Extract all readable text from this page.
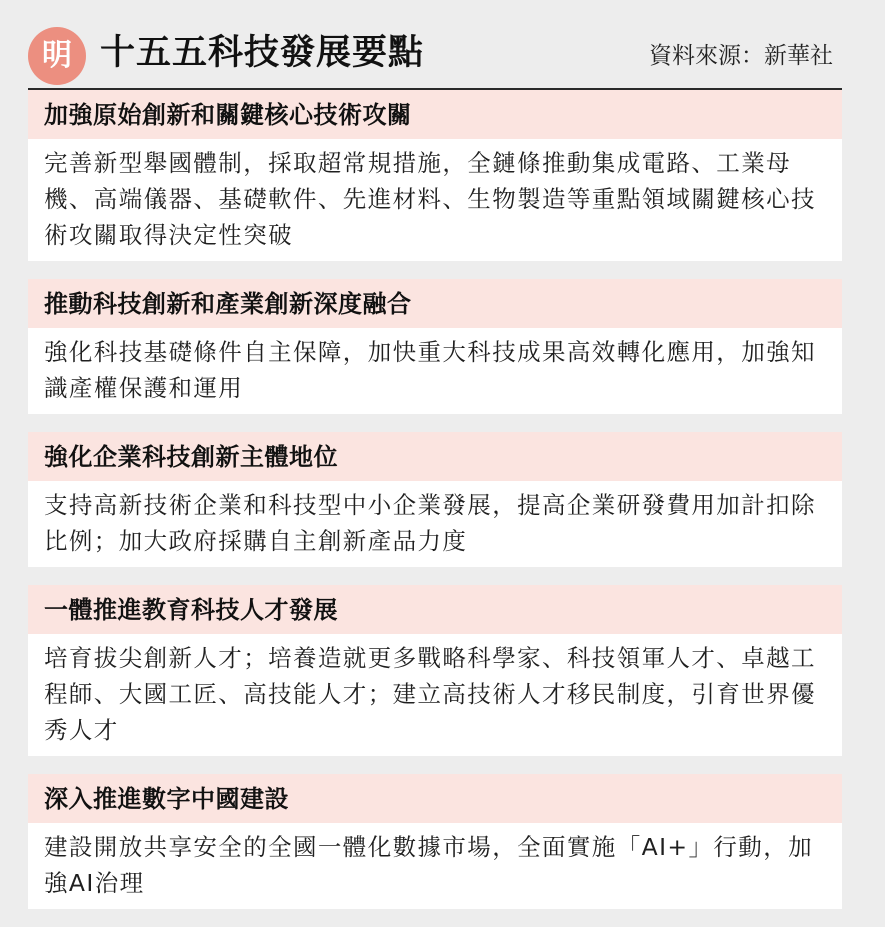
明 十五五科技發展要點	資料來源：新華社
加強原始創新和關鍵核心技術攻關
完善新型舉國體制，採取超常規措施，全鏈條推動集成電路、工業母機、高端儀器、基礎軟件、先進材料、生物製造等重點領域關鍵核心技術攻關取得決定性突破
推動科技創新和產業創新深度融合
強化科技基礎條件自主保障，加快重大科技成果高效轉化應用，加強知識產權保護和運用
強化企業科技創新主體地位
支持高新技術企業和科技型中小企業發展，提高企業研發費用加計扣除比例；加大政府採購自主創新產品力度
一體推進教育科技人才發展
培育拔尖創新人才；培養造就更多戰略科學家、科技領軍人才、卓越工程師、大國工匠、高技能人才；建立高技術人才移民制度，引育世界優秀人才
深入推進數字中國建設
建設開放共享安全的全國一體化數據市場，全面實施「AI+」行動，加強AI治理
